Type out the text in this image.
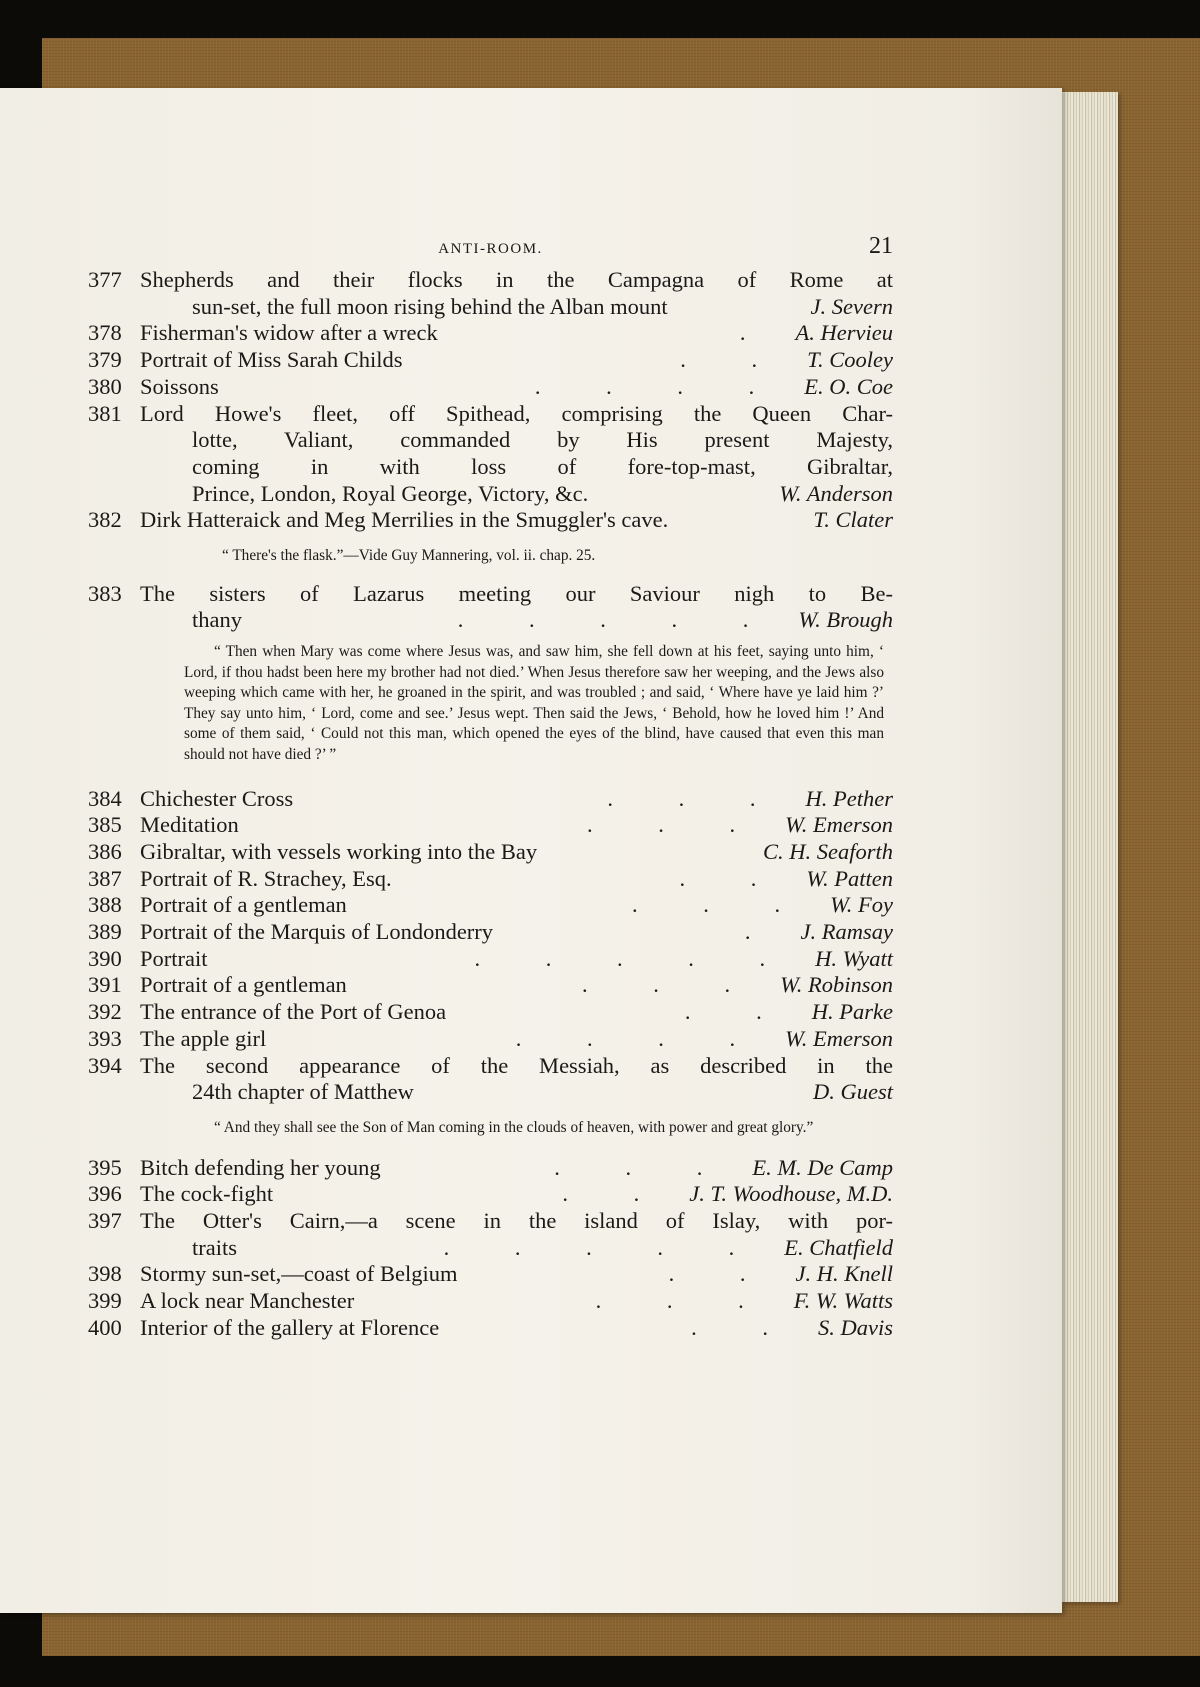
ANTI-ROOM.	21
377 Shepherds and their flocks in the Campagna of Rome at
sun-set, the full moon rising behind the Alban mount	J. Severn
378 Fisherman's widow after a wreck	. A. Hervieu
379 Portrait of Miss Sarah Childs	. . T. Cooley
380 Soissons	. . . . E. O. Coe
381 Lord Howe's fleet, off Spithead, comprising the Queen Char-
lotte, Valiant, commanded by His present Majesty,
coming in with loss of fore-top-mast, Gibraltar,
Prince, London, Royal George, Victory, &c.	W. Anderson
382 Dirk Hatteraick and Meg Merrilies in the Smuggler's cave.	T. Clater
“ There's the flask.”—Vide Guy Mannering, vol. ii. chap. 25.
383 The sisters of Lazarus meeting our Saviour nigh to Be-
thany	. . . . . W. Brough
“ Then when Mary was come where Jesus was, and saw him, she fell down at his feet, saying unto him, ‘ Lord, if thou hadst been here my brother had not died.’ When Jesus therefore saw her weeping, and the Jews also weeping which came with her, he groaned in the spirit, and was troubled ; and said, ‘ Where have ye laid him ?’ They say unto him, ‘ Lord, come and see.’ Jesus wept. Then said the Jews, ‘ Behold, how he loved him !’ And some of them said, ‘ Could not this man, which opened the eyes of the blind, have caused that even this man should not have died ?’ ”
384 Chichester Cross	. . . H. Pether
385 Meditation	. . . W. Emerson
386 Gibraltar, with vessels working into the Bay	C. H. Seaforth
387 Portrait of R. Strachey, Esq.	. . W. Patten
388 Portrait of a gentleman	. . . W. Foy
389 Portrait of the Marquis of Londonderry	. J. Ramsay
390 Portrait	. . . . . H. Wyatt
391 Portrait of a gentleman	. . . W. Robinson
392 The entrance of the Port of Genoa	. . H. Parke
393 The apple girl	. . . . W. Emerson
394 The second appearance of the Messiah, as described in the
24th chapter of Matthew	D. Guest
“ And they shall see the Son of Man coming in the clouds of heaven, with power and great glory.”
395 Bitch defending her young	. . . E. M. De Camp
396 The cock-fight	. . J. T. Woodhouse, M.D.
397 The Otter's Cairn,—a scene in the island of Islay, with por-
traits	. . . . . E. Chatfield
398 Stormy sun-set,—coast of Belgium	. . J. H. Knell
399 A lock near Manchester	. . . F. W. Watts
400 Interior of the gallery at Florence	. . S. Davis
